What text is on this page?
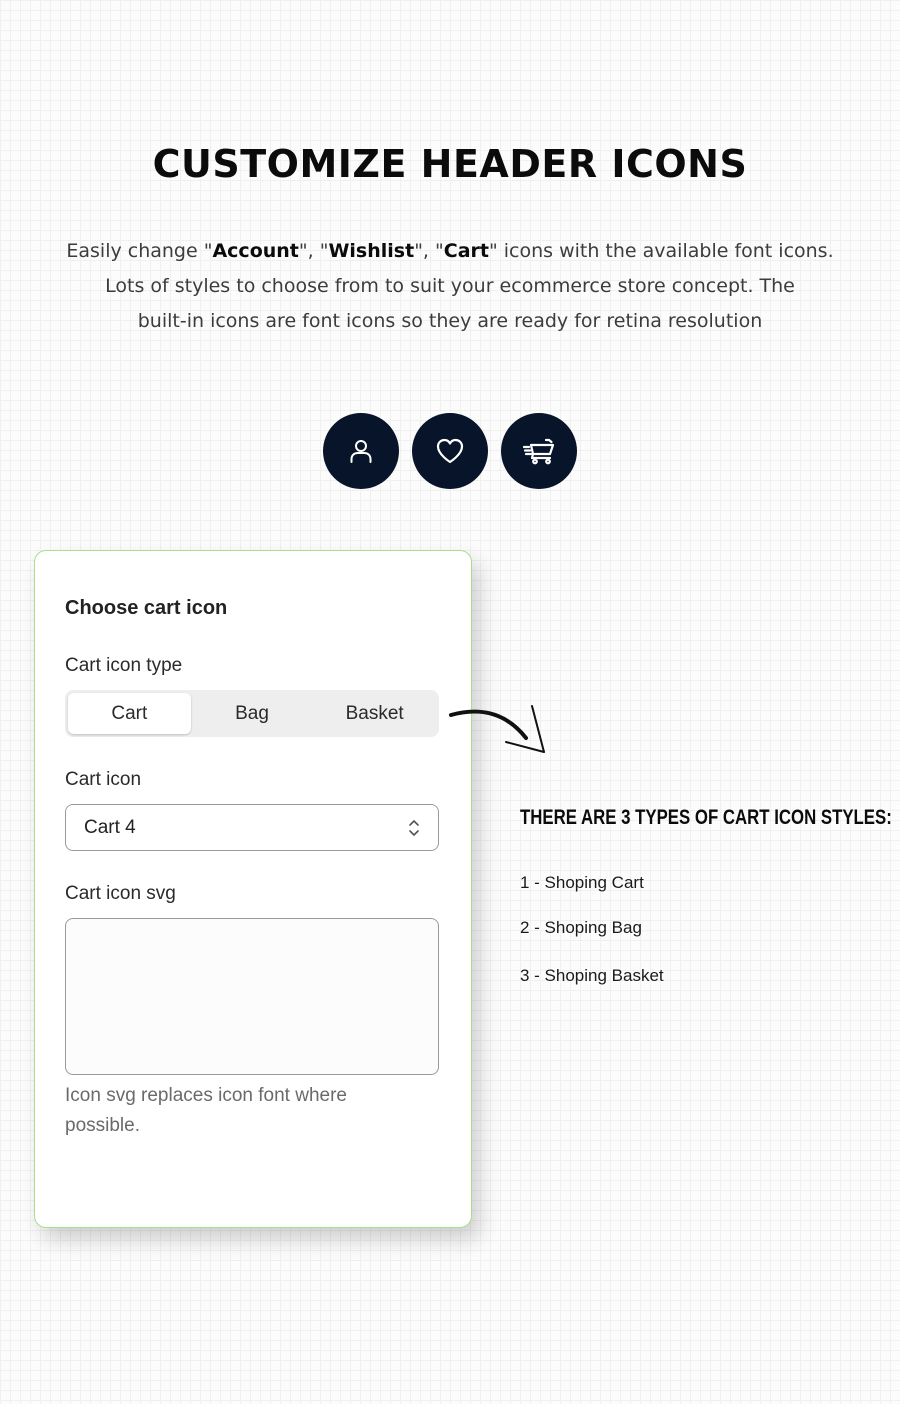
CUSTOMIZE HEADER ICONS
Easily change "Account", "Wishlist", "Cart" icons with the available font icons.
Lots of styles to choose from to suit your ecommerce store concept. The
built-in icons are font icons so they are ready for retina resolution
Choose cart icon
Cart icon type
Cart	Bag	Basket
Cart icon
Cart 4
Cart icon svg
Icon svg replaces icon font where possible.
THERE ARE 3 TYPES OF CART ICON STYLES:
1 - Shoping Cart
2 - Shoping Bag
3 - Shoping Basket
